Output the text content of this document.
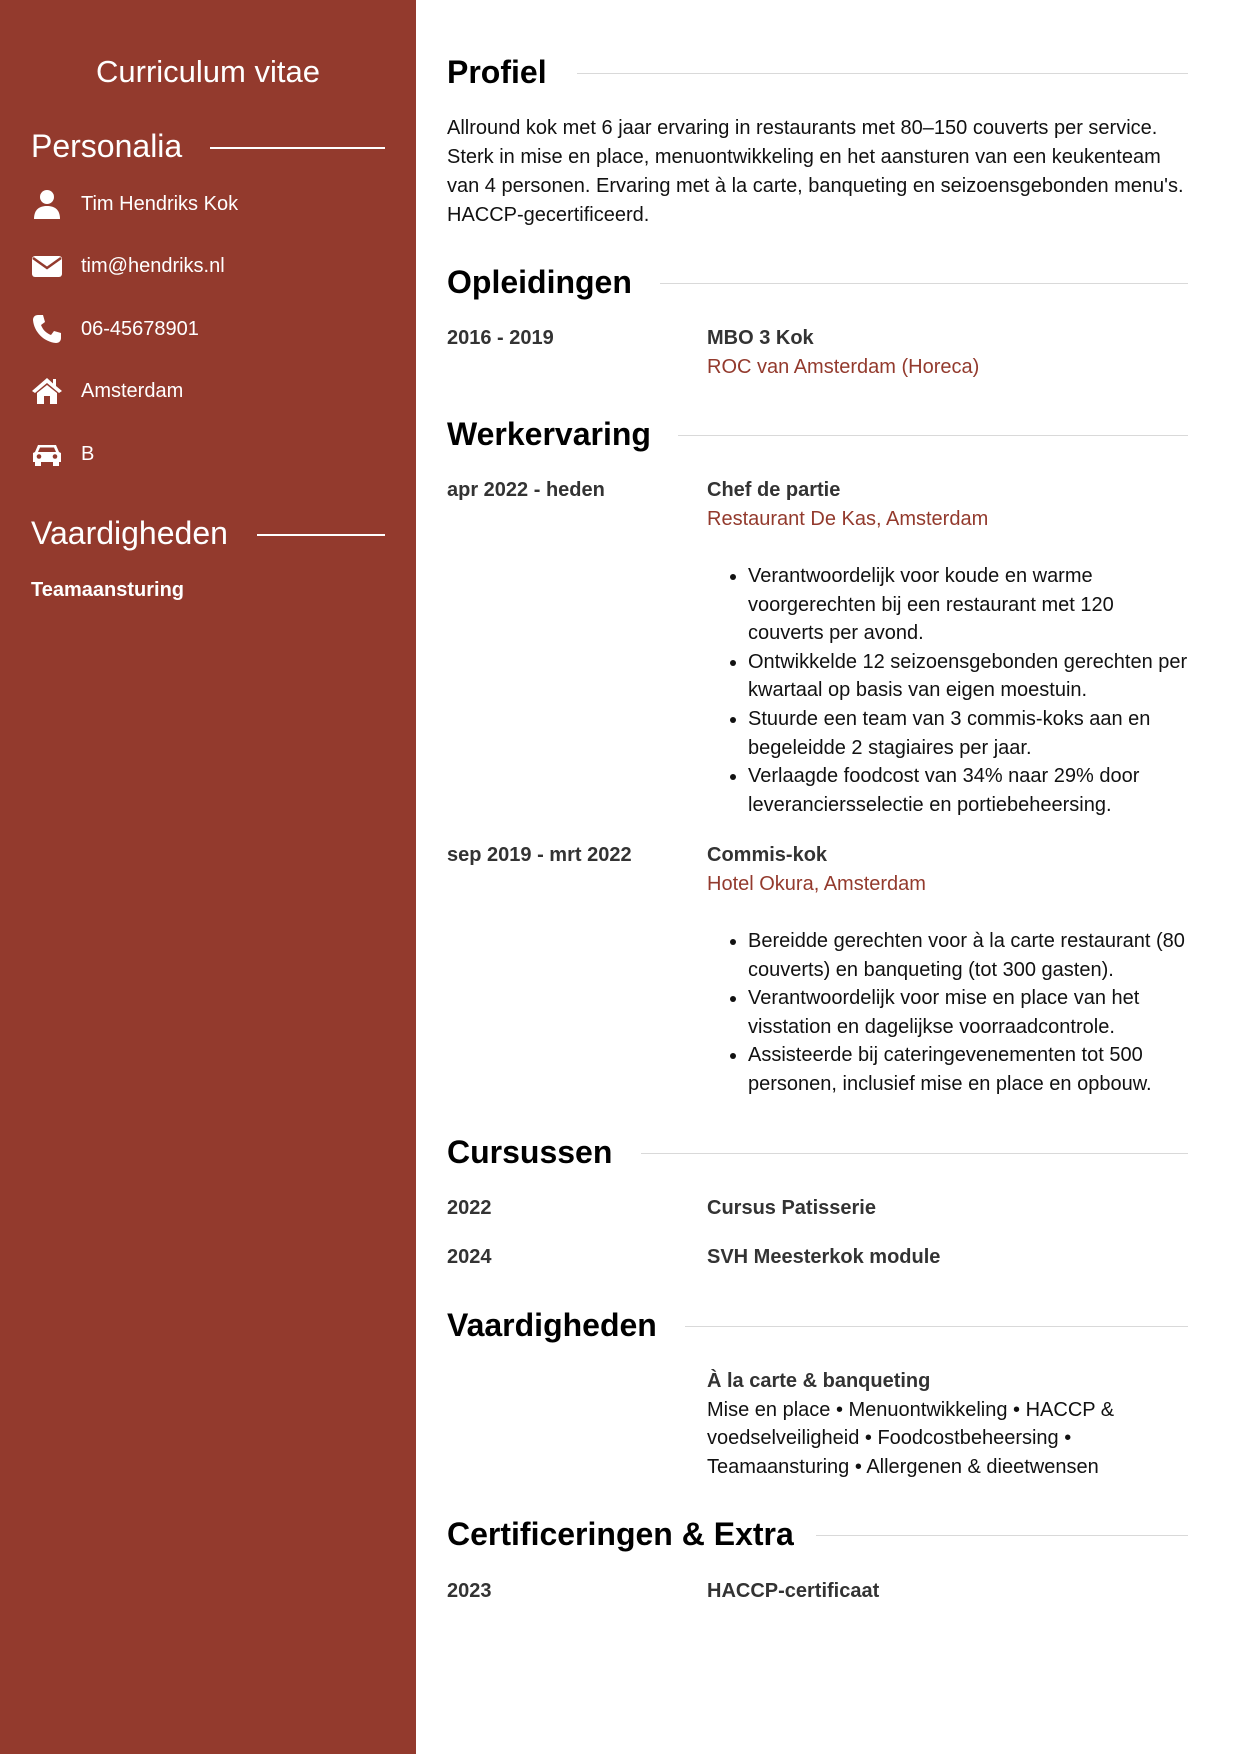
Curriculum vitae
Personalia
Tim Hendriks Kok
tim@hendriks.nl
06-45678901
Amsterdam
B
Vaardigheden
Teamaansturing
Profiel
Allround kok met 6 jaar ervaring in restaurants met 80–150 couverts per service. Sterk in mise en place, menuontwikkeling en het aansturen van een keukenteam van 4 personen. Ervaring met à la carte, banqueting en seizoensgebonden menu's. HACCP-gecertificeerd.
Opleidingen
2016 - 2019	MBO 3 Kok
ROC van Amsterdam (Horeca)
Werkervaring
apr 2022 - heden	Chef de partie
Restaurant De Kas, Amsterdam
• Verantwoordelijk voor koude en warme voorgerechten bij een restaurant met 120 couverts per avond.
• Ontwikkelde 12 seizoensgebonden gerechten per kwartaal op basis van eigen moestuin.
• Stuurde een team van 3 commis-koks aan en begeleidde 2 stagiaires per jaar.
• Verlaagde foodcost van 34% naar 29% door leveranciersselectie en portiebeheersing.
sep 2019 - mrt 2022	Commis-kok
Hotel Okura, Amsterdam
• Bereidde gerechten voor à la carte restaurant (80 couverts) en banqueting (tot 300 gasten).
• Verantwoordelijk voor mise en place van het visstation en dagelijkse voorraadcontrole.
• Assisteerde bij cateringevenementen tot 500 personen, inclusief mise en place en opbouw.
Cursussen
2022	Cursus Patisserie
2024	SVH Meesterkok module
Vaardigheden
À la carte & banqueting
Mise en place • Menuontwikkeling • HACCP & voedselveiligheid • Foodcostbeheersing • Teamaansturing • Allergenen & dieetwensen
Certificeringen & Extra
2023	HACCP-certificaat
